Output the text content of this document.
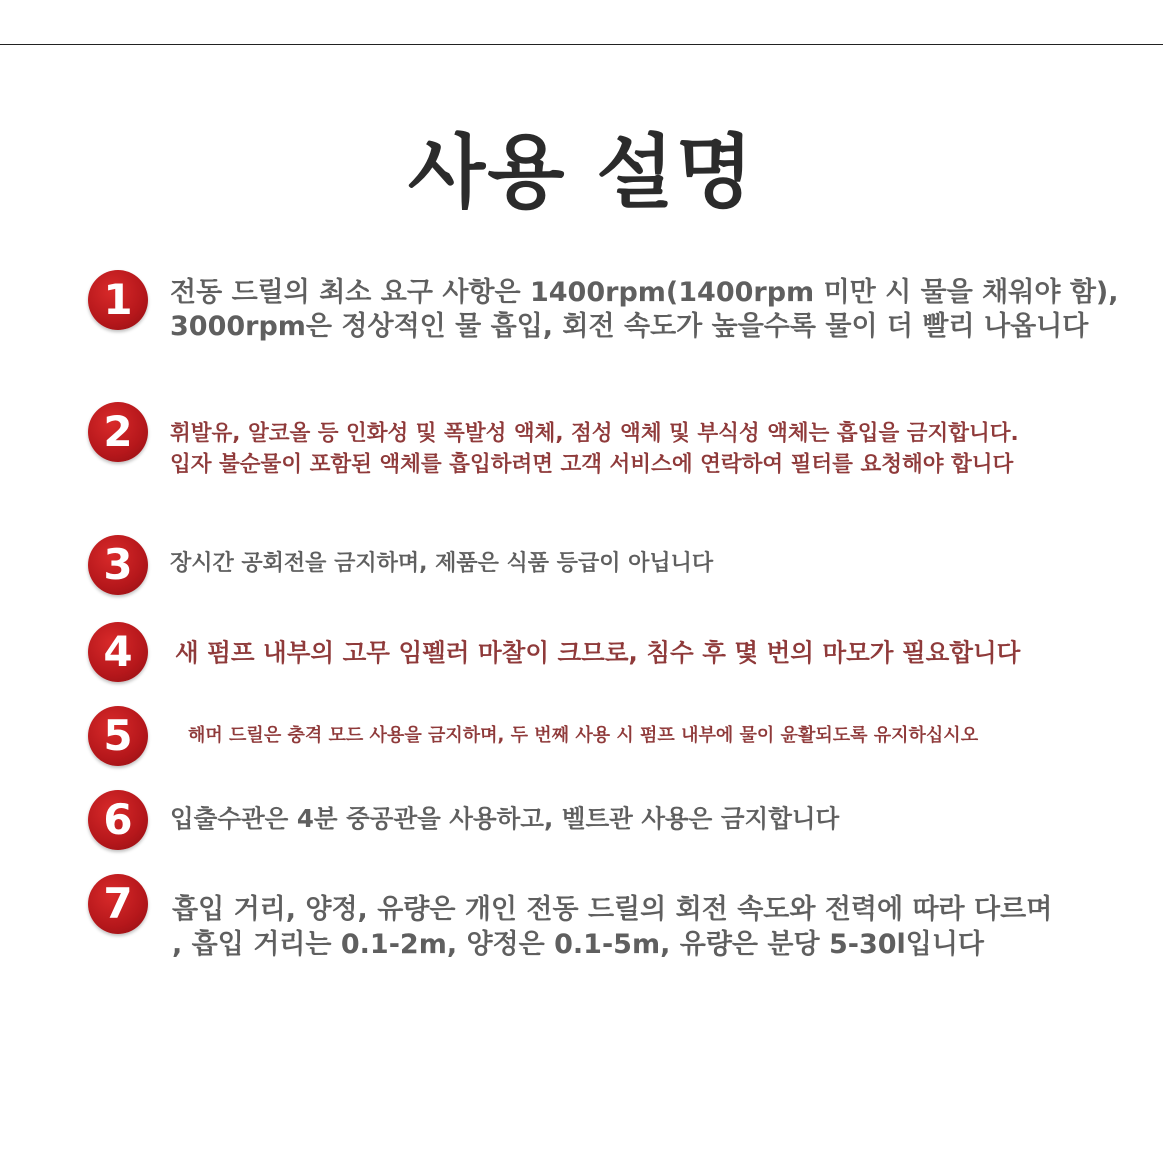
사용 설명
1	전동 드릴의 최소 요구 사항은 1400rpm(1400rpm 미만 시 물을 채워야 함),
3000rpm은 정상적인 물 흡입, 회전 속도가 높을수록 물이 더 빨리 나옵니다
2	휘발유, 알코올 등 인화성 및 폭발성 액체, 점성 액체 및 부식성 액체는 흡입을 금지합니다.
입자 불순물이 포함된 액체를 흡입하려면 고객 서비스에 연락하여 필터를 요청해야 합니다
3	장시간 공회전을 금지하며, 제품은 식품 등급이 아닙니다
4	새 펌프 내부의 고무 임펠러 마찰이 크므로, 침수 후 몇 번의 마모가 필요합니다
5	해머 드릴은 충격 모드 사용을 금지하며, 두 번째 사용 시 펌프 내부에 물이 윤활되도록 유지하십시오
6	입출수관은 4분 중공관을 사용하고, 벨트관 사용은 금지합니다
7	흡입 거리, 양정, 유량은 개인 전동 드릴의 회전 속도와 전력에 따라 다르며
, 흡입 거리는 0.1-2m, 양정은 0.1-5m, 유량은 분당 5-30l입니다
